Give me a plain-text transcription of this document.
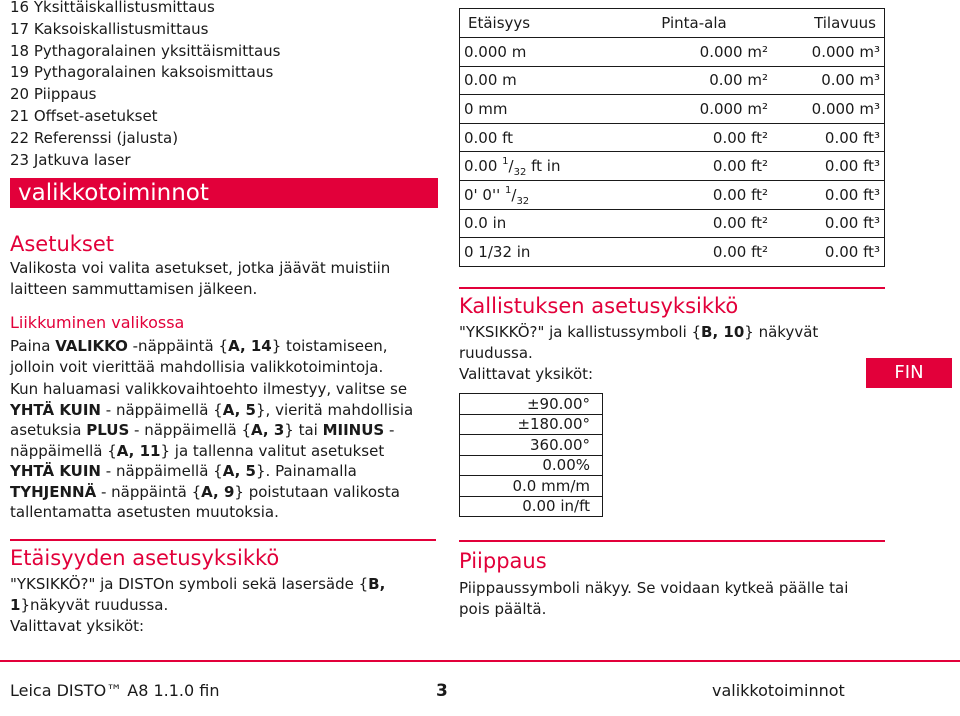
16 Yksittäiskallistusmittaus
17 Kaksoiskallistusmittaus
18 Pythagoralainen yksittäismittaus
19 Pythagoralainen kaksoismittaus
20 Piippaus
21 Offset-asetukset
22 Referenssi (jalusta)
23 Jatkuva laser
valikkotoiminnot
Asetukset
Valikosta voi valita asetukset, jotka jäävät muistiin laitteen sammuttamisen jälkeen.
Liikkuminen valikossa
Paina VALIKKO -näppäintä {A, 14} toistamiseen, jolloin voit vierittää mahdollisia valikkotoimintoja.
Kun haluamasi valikkovaihtoehto ilmestyy, valitse se YHTÄ KUIN - näppäimellä {A, 5}, vieritä mahdollisia asetuksia PLUS - näppäimellä {A, 3} tai MIINUS - näppäimellä {A, 11} ja tallenna valitut asetukset YHTÄ KUIN - näppäimellä {A, 5}. Painamalla TYHJENNÄ - näppäintä {A, 9} poistutaan valikosta tallentamatta asetusten muutoksia.
Etäisyyden asetusyksikkö
"YKSIKKÖ?" ja DISTOn symboli sekä lasersäde {B, 1}näkyvät ruudussa.
Valittavat yksiköt:
Etäisyys	Pinta-ala	Tilavuus
0.000 m	0.000 m²	0.000 m³
0.00 m	0.00 m²	0.00 m³
0 mm	0.000 m²	0.000 m³
0.00 ft	0.00 ft²	0.00 ft³
0.00 $^1/_{32}$ ft in	0.00 ft²	0.00 ft³
0' 0'' $^1/_{32}$	0.00 ft²	0.00 ft³
0.0 in	0.00 ft²	0.00 ft³
0 1/32 in	0.00 ft²	0.00 ft³
Kallistuksen asetusyksikkö
"YKSIKKÖ?" ja kallistussymboli {B, 10} näkyvät ruudussa.
Valittavat yksiköt:
±90.00°
±180.00°
360.00°
0.00%
0.0 mm/m
0.00 in/ft
Piippaus
Piippaussymboli näkyy. Se voidaan kytkeä päälle tai pois päältä.
FIN
Leica DISTO™ A8 1.1.0 fin	3	valikkotoiminnot
